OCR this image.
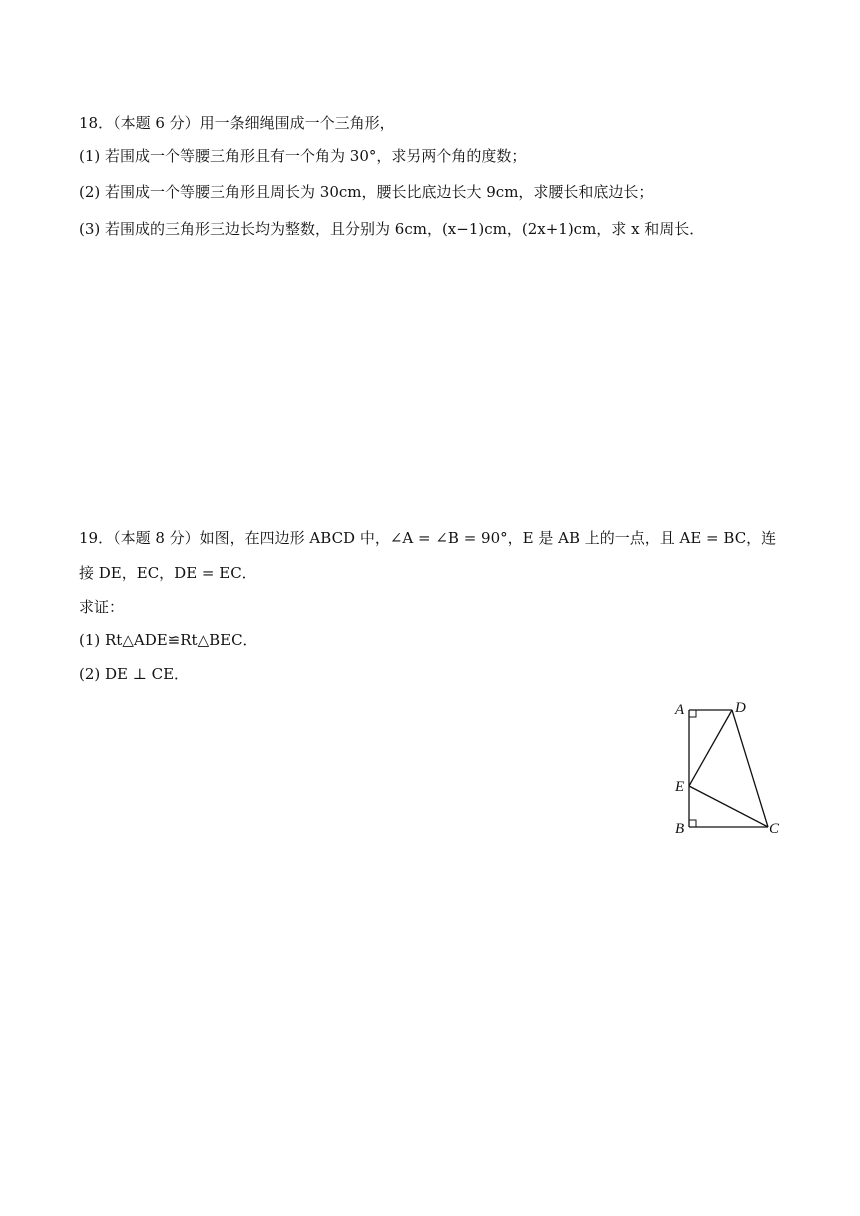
18．（本题 6 分）用一条细绳围成一个三角形，
(1) 若围成一个等腰三角形且有一个角为 30°，求另两个角的度数；
(2) 若围成一个等腰三角形且周长为 30cm，腰长比底边长大 9cm，求腰长和底边长；
(3) 若围成的三角形三边长均为整数，且分别为 6cm，(x−1)cm，(2x+1)cm，求 x 和周长．
19．（本题 8 分）如图，在四边形 ABCD 中，∠A = ∠B = 90°，E 是 AB 上的一点，且 AE = BC，连
接 DE，EC，DE = EC．
求证：
(1) Rt△ADE≌Rt△BEC．
(2) DE ⊥ CE．
A	D
E
B	C
